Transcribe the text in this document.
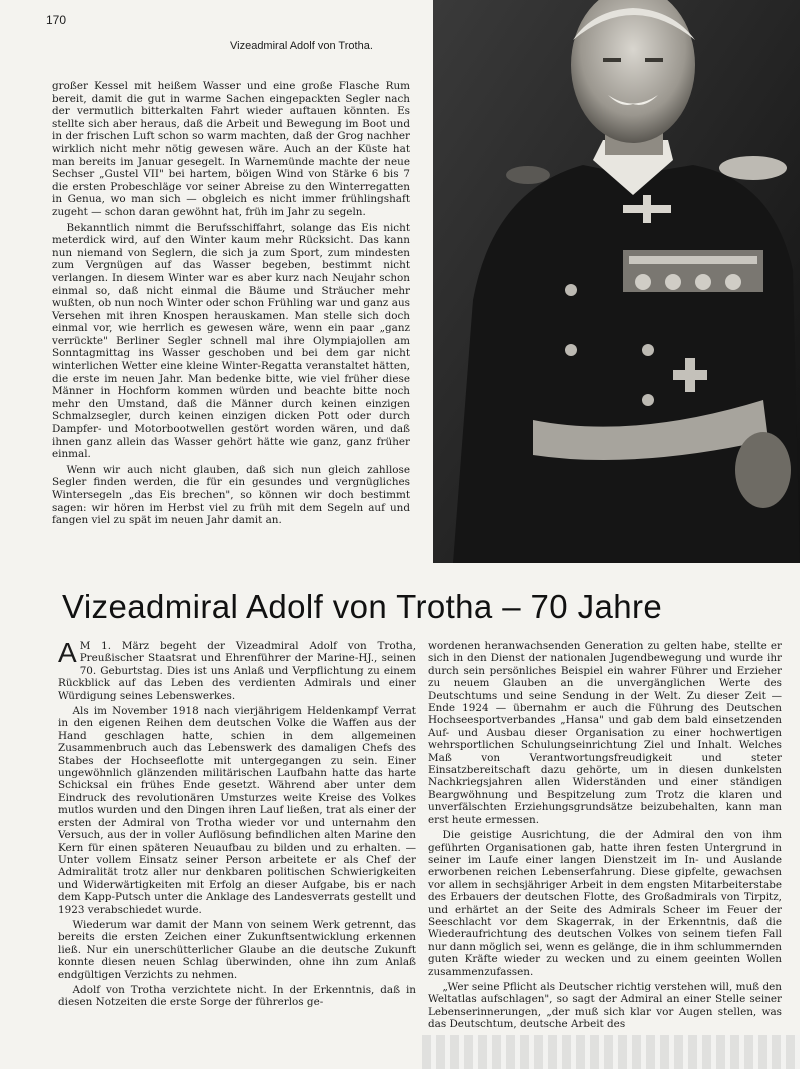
170
Vizeadmiral Adolf von Trotha.

großer Kessel mit heißem Wasser und eine große Flasche Rum bereit, damit die gut in warme Sachen eingepackten Segler nach der vermutlich bitterkalten Fahrt wieder auftauen könnten. Es stellte sich aber heraus, daß die Arbeit und Bewegung im Boot und in der frischen Luft schon so warm machten, daß der Grog nachher wirklich nicht mehr nötig gewesen wäre. Auch an der Küste hat man bereits im Januar gesegelt. In Warnemünde machte der neue Sechser „Gustel VII" bei hartem, böigen Wind von Stärke 6 bis 7 die ersten Probeschläge vor seiner Abreise zu den Winterregatten in Genua, wo man sich — obgleich es nicht immer frühlingshaft zugeht — schon daran gewöhnt hat, früh im Jahr zu segeln.

Bekanntlich nimmt die Berufsschiffahrt, solange das Eis nicht meterdick wird, auf den Winter kaum mehr Rücksicht. Das kann nun niemand von Seglern, die sich ja zum Sport, zum mindesten zum Vergnügen auf das Wasser begeben, bestimmt nicht verlangen. In diesem Winter war es aber kurz nach Neujahr schon einmal so, daß nicht einmal die Bäume und Sträucher mehr wußten, ob nun noch Winter oder schon Frühling war und ganz aus Versehen mit ihren Knospen herauskamen. Man stelle sich doch einmal vor, wie herrlich es gewesen wäre, wenn ein paar „ganz verrückte" Berliner Segler schnell mal ihre Olympiajollen am Sonntagmittag ins Wasser geschoben und bei dem gar nicht winterlichen Wetter eine kleine Winter-Regatta veranstaltet hätten, die erste im neuen Jahr. Man bedenke bitte, wie viel früher diese Männer in Hochform kommen würden und beachte bitte noch mehr den Umstand, daß die Männer durch keinen einzigen Schmalzsegler, durch keinen einzigen dicken Pott oder durch Dampfer- und Motorbootwellen gestört worden wären, und daß ihnen ganz allein das Wasser gehört hätte wie ganz, ganz früher einmal.

Wenn wir auch nicht glauben, daß sich nun gleich zahllose Segler finden werden, die für ein gesundes und vergnügliches Wintersegeln „das Eis brechen", so können wir doch bestimmt sagen: wir hören im Herbst viel zu früh mit dem Segeln auf und fangen viel zu spät im neuen Jahr damit an.

Vizeadmiral Adolf von Trotha – 70 Jahre

A M 1. März begeht der Vizeadmiral Adolf von Trotha, Preußischer Staatsrat und Ehrenführer der Marine-HJ., seinen 70. Geburtstag. Dies ist uns Anlaß und Verpflichtung zu einem Rückblick auf das Leben des verdienten Admirals und einer Würdigung seines Lebenswerkes.

Als im November 1918 nach vierjährigem Heldenkampf Verrat in den eigenen Reihen dem deutschen Volke die Waffen aus der Hand geschlagen hatte, schien in dem allgemeinen Zusammenbruch auch das Lebenswerk des damaligen Chefs des Stabes der Hochseeflotte mit untergegangen zu sein. Einer ungewöhnlich glänzenden militärischen Laufbahn hatte das harte Schicksal ein frühes Ende gesetzt. Während aber unter dem Eindruck des revolutionären Umsturzes weite Kreise des Volkes mutlos wurden und den Dingen ihren Lauf ließen, trat als einer der ersten der Admiral von Trotha wieder vor und unternahm den Versuch, aus der in voller Auflösung befindlichen alten Marine den Kern für einen späteren Neuaufbau zu bilden und zu erhalten. — Unter vollem Einsatz seiner Person arbeitete er als Chef der Admiralität trotz aller nur denkbaren politischen Schwierigkeiten und Widerwärtigkeiten mit Erfolg an dieser Aufgabe, bis er nach dem Kapp-Putsch unter die Anklage des Landesverrats gestellt und 1923 verabschiedet wurde.

Wiederum war damit der Mann von seinem Werk getrennt, das bereits die ersten Zeichen einer Zukunftsentwicklung erkennen ließ. Nur ein unerschütterlicher Glaube an die deutsche Zukunft konnte diesen neuen Schlag überwinden, ohne ihn zum Anlaß endgültigen Verzichts zu nehmen.

Adolf von Trotha verzichtete nicht. In der Erkenntnis, daß in diesen Notzeiten die erste Sorge der führerlos ge-

wordenen heranwachsenden Generation zu gelten habe, stellte er sich in den Dienst der nationalen Jugendbewegung und wurde ihr durch sein persönliches Beispiel ein wahrer Führer und Erzieher zu neuem Glauben an die unvergänglichen Werte des Deutschtums und seine Sendung in der Welt. Zu dieser Zeit — Ende 1924 — übernahm er auch die Führung des Deutschen Hochseesportverbandes „Hansa" und gab dem bald einsetzenden Auf- und Ausbau dieser Organisation zu einer hochwertigen wehrsportlichen Schulungseinrichtung Ziel und Inhalt. Welches Maß von Verantwortungsfreudigkeit und steter Einsatzbereitschaft dazu gehörte, um in diesen dunkelsten Nachkriegsjahren allen Widerständen und einer ständigen Beargwöhnung und Bespitzelung zum Trotz die klaren und unverfälschten Erziehungsgrundsätze beizubehalten, kann man erst heute ermessen.

Die geistige Ausrichtung, die der Admiral den von ihm geführten Organisationen gab, hatte ihren festen Untergrund in seiner im Laufe einer langen Dienstzeit im In- und Auslande erworbenen reichen Lebenserfahrung. Diese gipfelte, gewachsen vor allem in sechsjähriger Arbeit in dem engsten Mitarbeiterstabe des Erbauers der deutschen Flotte, des Großadmirals von Tirpitz, und erhärtet an der Seite des Admirals Scheer im Feuer der Seeschlacht vor dem Skagerrak, in der Erkenntnis, daß die Wiederaufrichtung des deutschen Volkes von seinem tiefen Fall nur dann möglich sei, wenn es gelänge, die in ihm schlummernden guten Kräfte wieder zu wecken und zu einem geeinten Wollen zusammenzufassen.

„Wer seine Pflicht als Deutscher richtig verstehen will, muß den Weltatlas aufschlagen", so sagt der Admiral an einer Stelle seiner Lebenserinnerungen, „der muß sich klar vor Augen stellen, was das Deutschtum, deutsche Arbeit des
